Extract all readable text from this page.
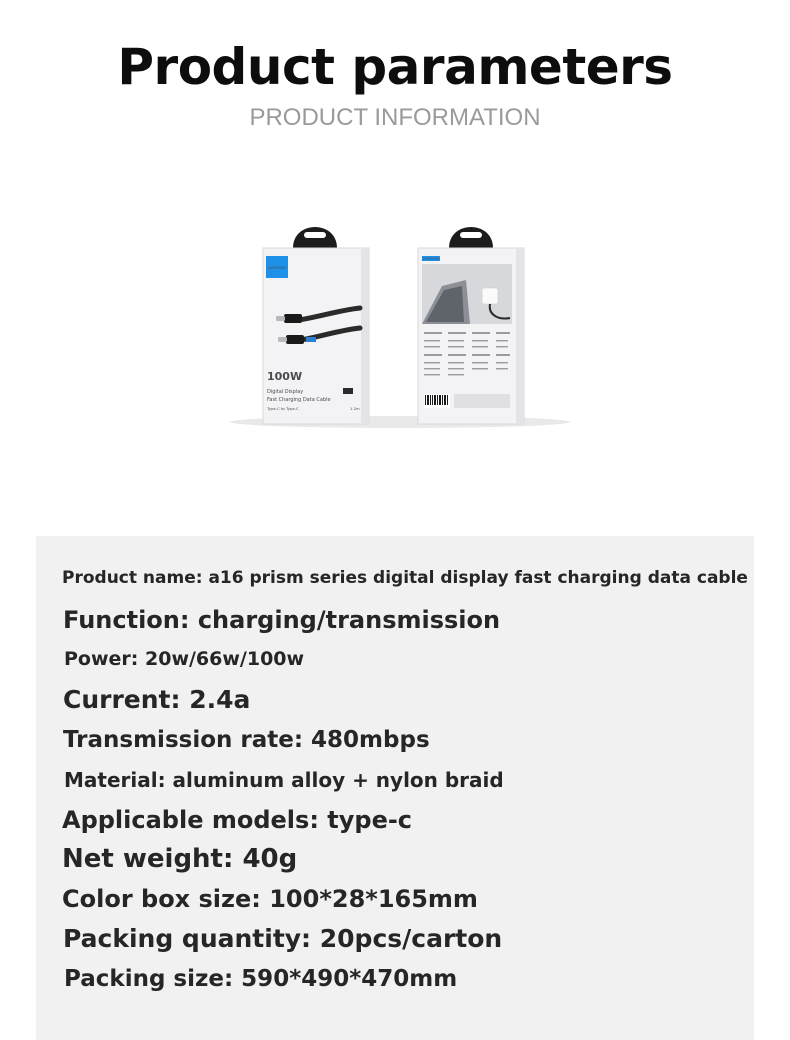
Product parameters
PRODUCT INFORMATION
JOYROOM
100W
Digital Display
Fast Charging Data Cable
Type-C to Type-C	1.2m
JOYROOM
Product name: a16 prism series digital display fast charging data cable
Function: charging/transmission
Power: 20w/66w/100w
Current: 2.4a
Transmission rate: 480mbps
Material: aluminum alloy + nylon braid
Applicable models: type-c
Net weight: 40g
Color box size: 100*28*165mm
Packing quantity: 20pcs/carton
Packing size: 590*490*470mm
